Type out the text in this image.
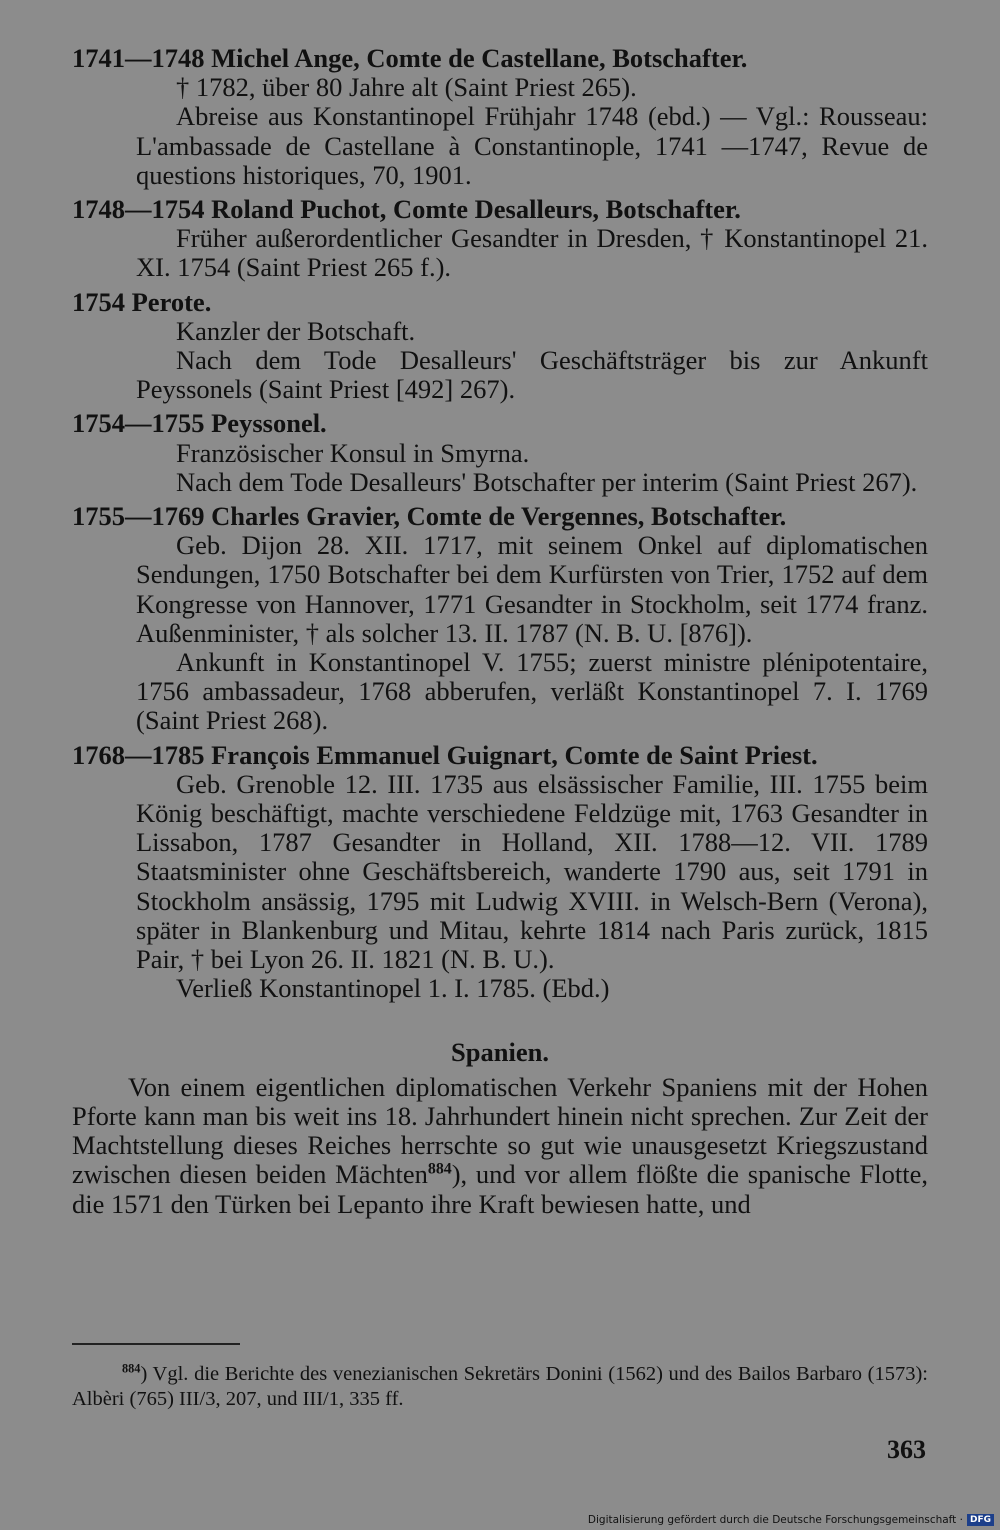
1741—1748 Michel Ange, Comte de Castellane, Botschafter.
† 1782, über 80 Jahre alt (Saint Priest 265).
Abreise aus Konstantinopel Frühjahr 1748 (ebd.) — Vgl.: Rousseau: L'ambassade de Castellane à Constantinople, 1741 —1747, Revue de questions historiques, 70, 1901.
1748—1754 Roland Puchot, Comte Desalleurs, Botschafter.
Früher außerordentlicher Gesandter in Dresden, † Konstantinopel 21. XI. 1754 (Saint Priest 265 f.).
1754 Perote.
Kanzler der Botschaft.
Nach dem Tode Desalleurs' Geschäftsträger bis zur Ankunft Peyssonels (Saint Priest [492] 267).
1754—1755 Peyssonel.
Französischer Konsul in Smyrna.
Nach dem Tode Desalleurs' Botschafter per interim (Saint Priest 267).
1755—1769 Charles Gravier, Comte de Vergennes, Botschafter.
Geb. Dijon 28. XII. 1717, mit seinem Onkel auf diplomatischen Sendungen, 1750 Botschafter bei dem Kurfürsten von Trier, 1752 auf dem Kongresse von Hannover, 1771 Gesandter in Stockholm, seit 1774 franz. Außenminister, † als solcher 13. II. 1787 (N. B. U. [876]).
Ankunft in Konstantinopel V. 1755; zuerst ministre plénipotentaire, 1756 ambassadeur, 1768 abberufen, verläßt Konstantinopel 7. I. 1769 (Saint Priest 268).
1768—1785 François Emmanuel Guignart, Comte de Saint Priest.
Geb. Grenoble 12. III. 1735 aus elsässischer Familie, III. 1755 beim König beschäftigt, machte verschiedene Feldzüge mit, 1763 Gesandter in Lissabon, 1787 Gesandter in Holland, XII. 1788—12. VII. 1789 Staatsminister ohne Geschäftsbereich, wanderte 1790 aus, seit 1791 in Stockholm ansässig, 1795 mit Ludwig XVIII. in Welsch-Bern (Verona), später in Blankenburg und Mitau, kehrte 1814 nach Paris zurück, 1815 Pair, † bei Lyon 26. II. 1821 (N. B. U.).
Verließ Konstantinopel 1. I. 1785. (Ebd.)
Spanien.
Von einem eigentlichen diplomatischen Verkehr Spaniens mit der Hohen Pforte kann man bis weit ins 18. Jahrhundert hinein nicht sprechen. Zur Zeit der Machtstellung dieses Reiches herrschte so gut wie unausgesetzt Kriegszustand zwischen diesen beiden Mächten$^{884}$), und vor allem flößte die spanische Flotte, die 1571 den Türken bei Lepanto ihre Kraft bewiesen hatte, und
$^{884}$) Vgl. die Berichte des venezianischen Sekretärs Donini (1562) und des Bailos Barbaro (1573): Albèri (765) III/3, 207, und III/1, 335 ff.
363
Digitalisierung gefördert durch die Deutsche Forschungsgemeinschaft · DFG
